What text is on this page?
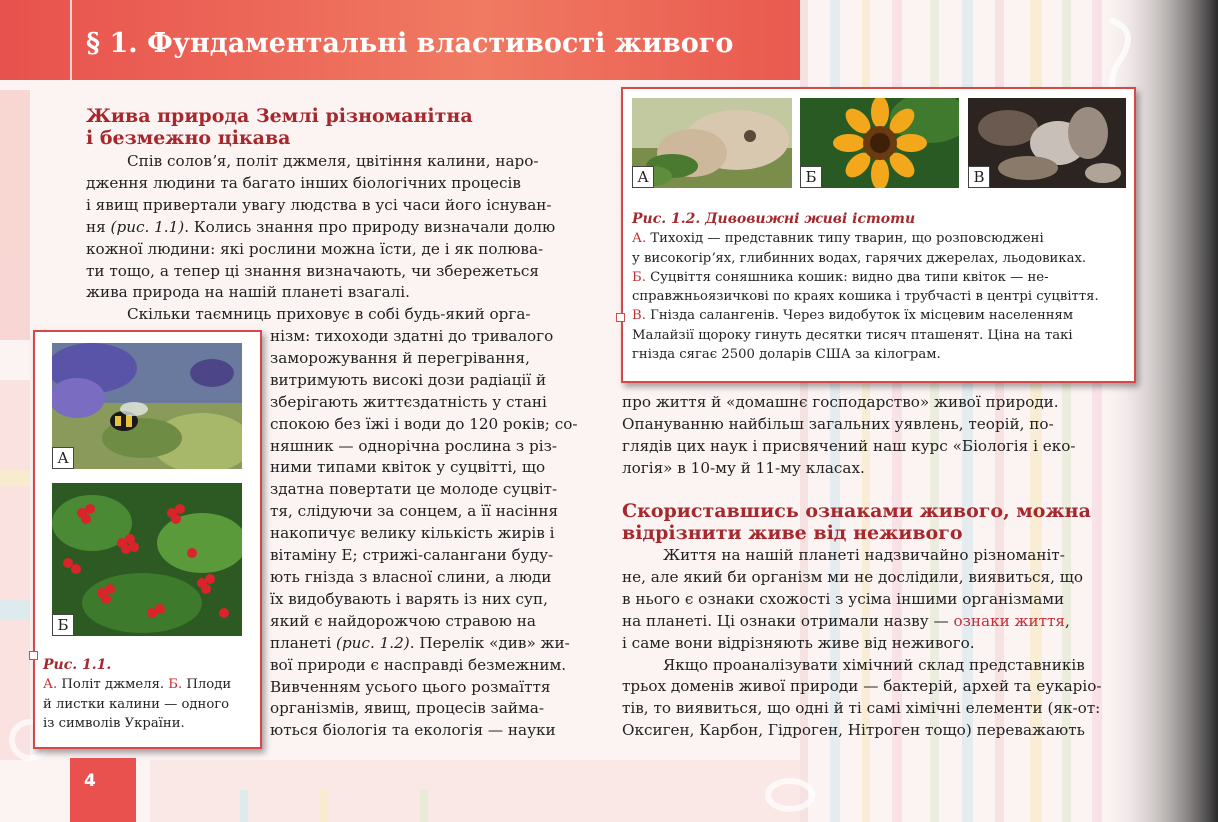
§ 1. Фундаментальні властивості живого
Жива природа Землі різноманітна
і безмежно цікава
Спів соловʼя, політ джмеля, цвітіння калини, наро-
дження людини та багато інших біологічних процесів
і явищ привертали увагу людства в усі часи його існуван-
ня (рис. 1.1). Колись знання про природу визначали долю
кожної людини: які рослини можна їсти, де і як полюва-
ти тощо, а тепер ці знання визначають, чи збережеться
жива природа на нашій планеті взагалі.
Скільки таємниць приховує в собі будь-який орга-
нізм: тихоходи здатні до тривалого
заморожування й перегрівання,
витримують високі дози радіації й
зберігають життєздатність у стані
спокою без їжі і води до 120 років; со-
няшник — однорічна рослина з різ-
ними типами квіток у суцвітті, що
здатна повертати це молоде суцвіт-
тя, слідуючи за сонцем, а її насіння
накопичує велику кількість жирів і
вітаміну Е; стрижі-салангани буду-
ють гнізда з власної слини, а люди
їх видобувають і варять із них суп,
який є найдорожчою стравою на
планеті (рис. 1.2). Перелік «див» жи-
вої природи є насправді безмежним.
Вивченням усього цього розмаїття
організмів, явищ, процесів займа-
ються біологія та екологія — науки
А
Б
Рис. 1.1.
А. Політ джмеля. Б. Плоди
й листки калини — одного
із символів України.
А	Б	В
Рис. 1.2. Дивовижні живі істоти
А. Тихохід — представник типу тварин, що розповсюджені
у високогірʼях, глибинних водах, гарячих джерелах, льодовиках.
Б. Суцвіття соняшника кошик: видно два типи квіток — не-
справжньоязичкові по краях кошика і трубчасті в центрі суцвіття.
В. Гнізда салангенів. Через видобуток їх місцевим населенням
Малайзії щороку гинуть десятки тисяч пташенят. Ціна на такі
гнізда сягає 2500 доларів США за кілограм.
про життя й «домашнє господарство» живої природи.
Опануванню найбільш загальних уявлень, теорій, по-
глядів цих наук і присвячений наш курс «Біологія і еко-
логія» в 10-му й 11-му класах.
Скориставшись ознаками живого, можна
відрізнити живе від неживого
Життя на нашій планеті надзвичайно різноманіт-
не, але який би організм ми не дослідили, виявиться, що
в нього є ознаки схожості з усіма іншими організмами
на планеті. Ці ознаки отримали назву — ознаки життя,
і саме вони відрізняють живе від неживого.
Якщо проаналізувати хімічний склад представників
трьох доменів живої природи — бактерій, архей та еукаріо-
тів, то виявиться, що одні й ті самі хімічні елементи (як-от:
Оксиген, Карбон, Гідроген, Нітроген тощо) переважають
4
